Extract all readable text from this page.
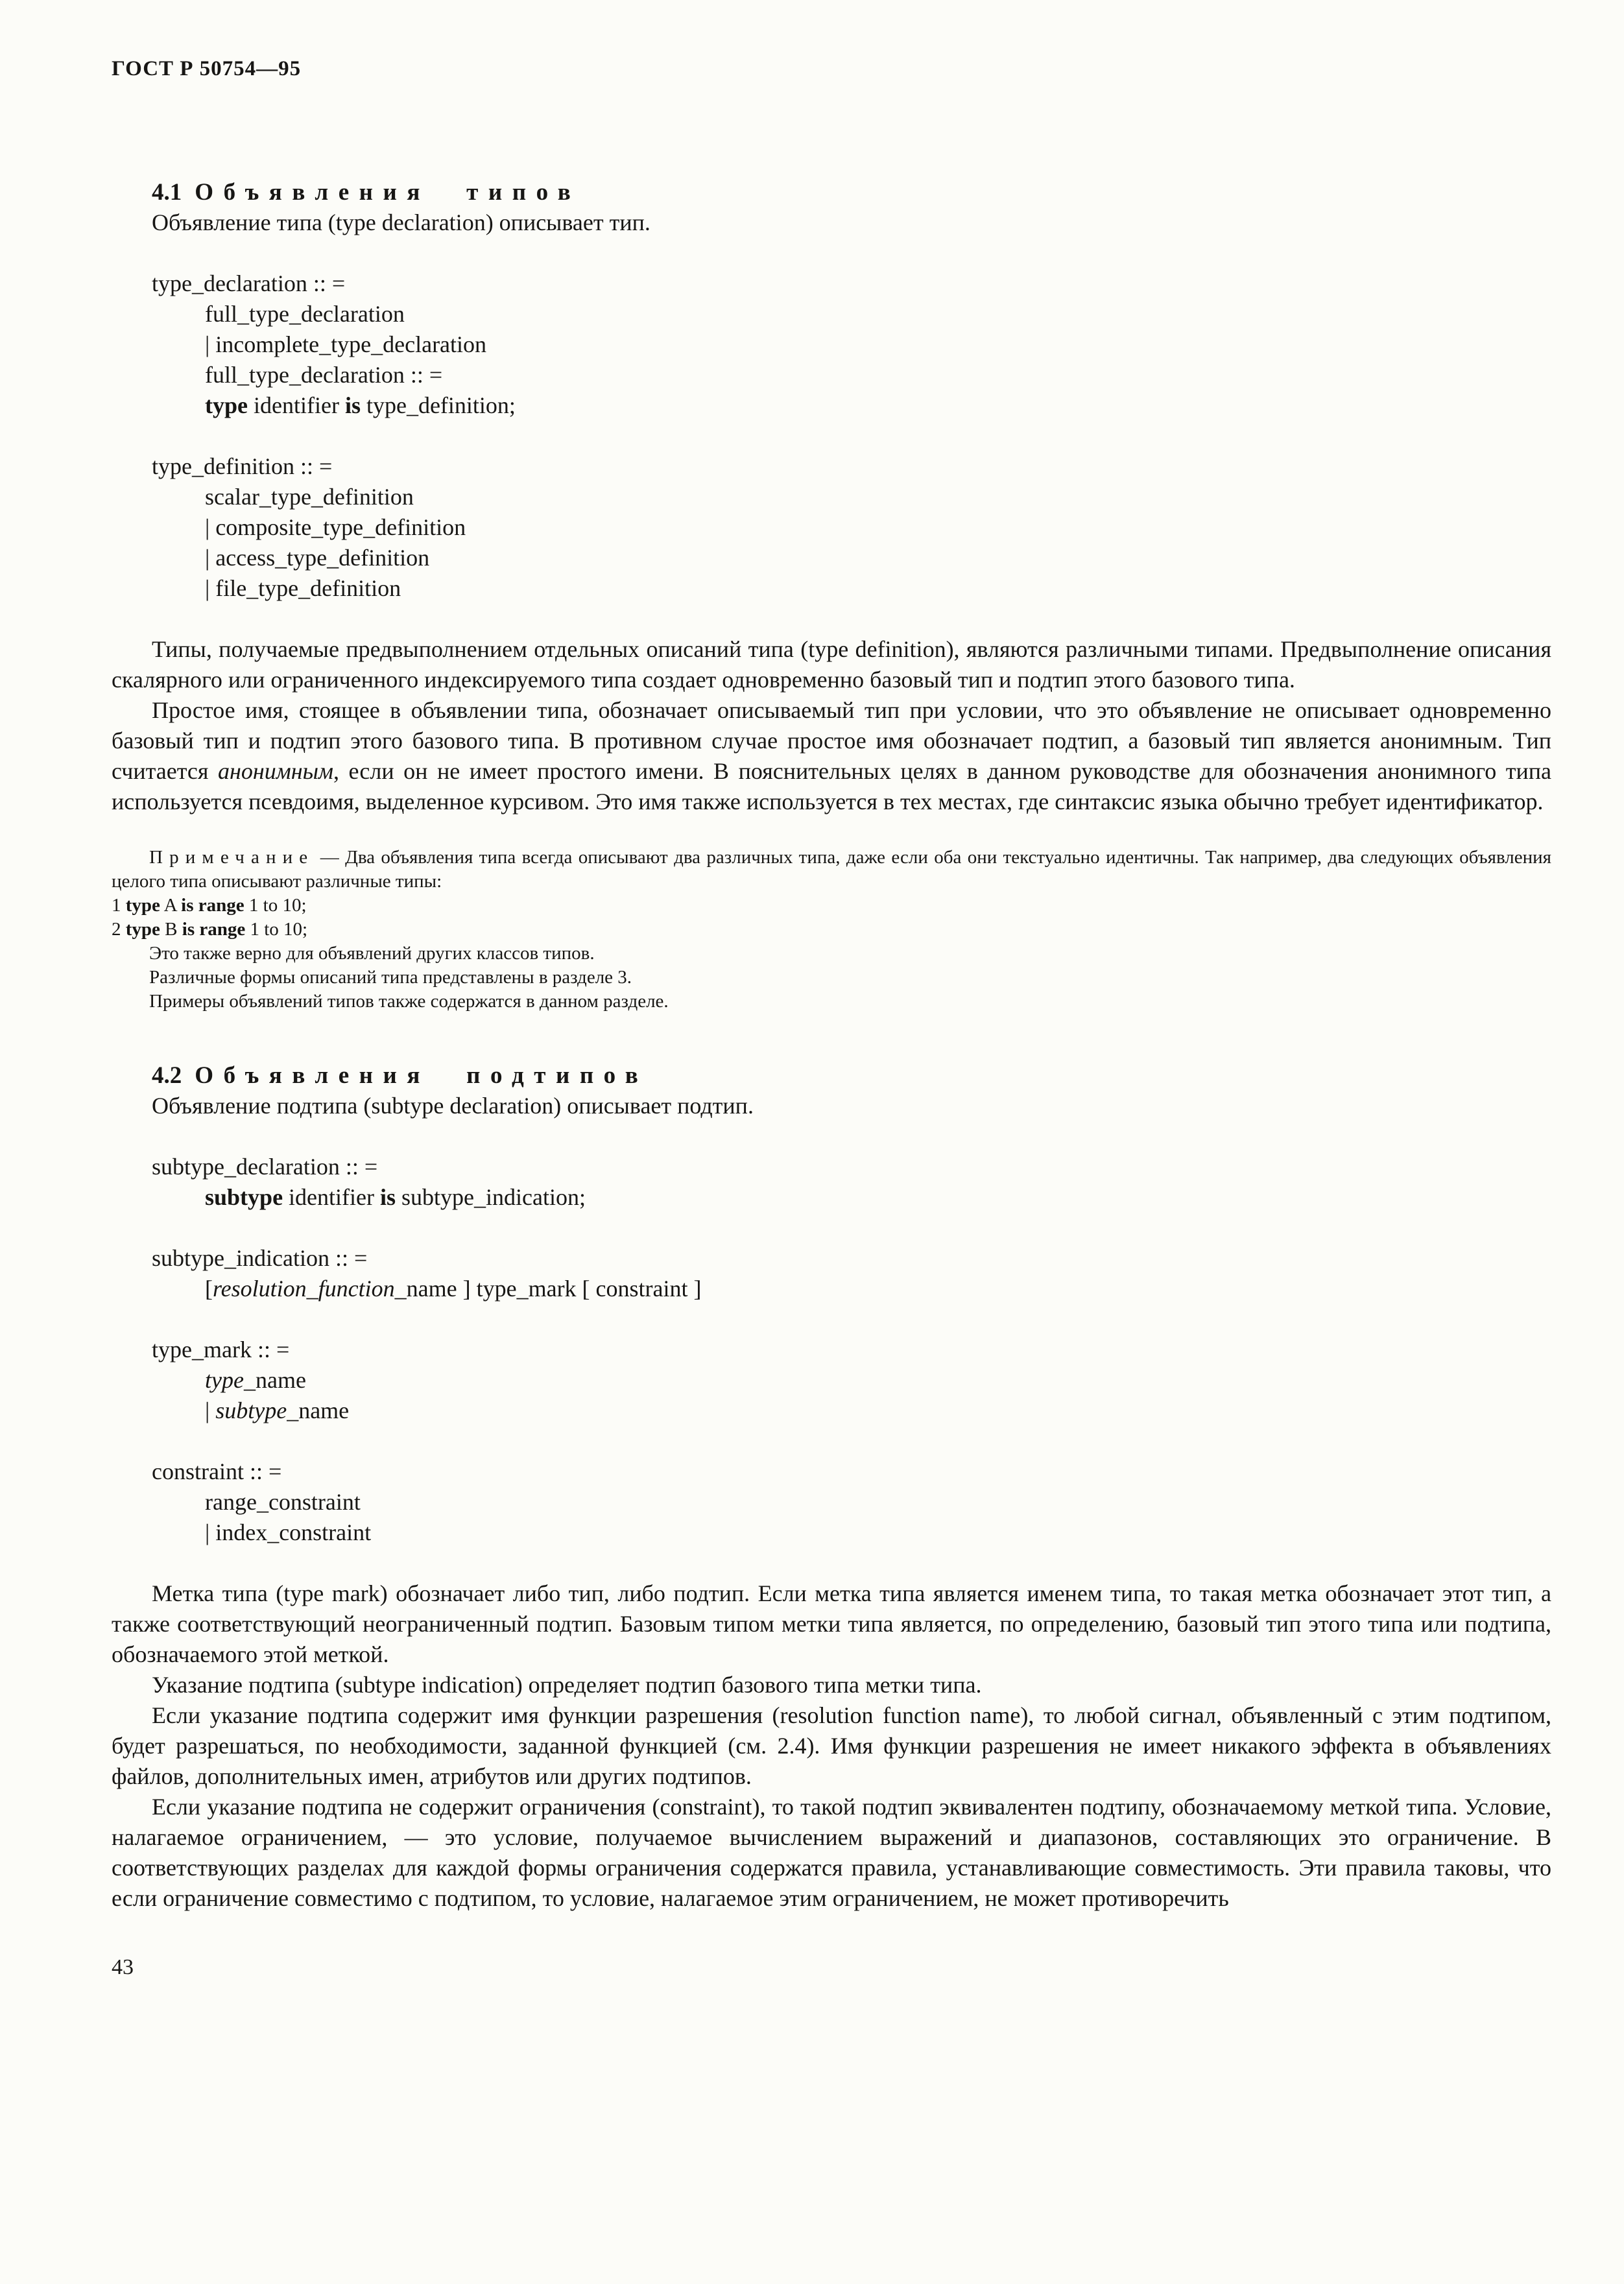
ГОСТ Р 50754—95
4.1 Объявления типов

Объявление типа (type declaration) описывает тип.

type_declaration :: =
full_type_declaration
| incomplete_type_declaration
full_type_declaration :: =
type identifier is type_definition;
type_definition :: =
scalar_type_definition
| composite_type_definition
| access_type_definition
| file_type_definition
Типы, получаемые предвыполнением отдельных описаний типа (type definition), являются различными типами. Предвыполнение описания скалярного или ограниченного индексируемого типа создает одновременно базовый тип и подтип этого базового типа.
Простое имя, стоящее в объявлении типа, обозначает описываемый тип при условии, что это объявление не описывает одновременно базовый тип и подтип этого базового типа. В противном случае простое имя обозначает подтип, а базовый тип является анонимным. Тип считается анонимным, если он не имеет простого имени. В пояснительных целях в данном руководстве для обозначения анонимного типа используется псевдоимя, выделенное курсивом. Это имя также используется в тех местах, где синтаксис языка обычно требует идентификатор.
Примечание — Два объявления типа всегда описывают два различных типа, даже если оба они текстуально идентичны. Так например, два следующих объявления целого типа описывают различные типы:
1 type A is range 1 to 10;
2 type B is range 1 to 10;
Это также верно для объявлений других классов типов.
Различные формы описаний типа представлены в разделе 3.
Примеры объявлений типов также содержатся в данном разделе.
4.2 Объявления подтипов

Объявление подтипа (subtype declaration) описывает подтип.

subtype_declaration :: =
subtype identifier is subtype_indication;
subtype_indication :: =
[resolution_function_name ] type_mark [ constraint ]
type_mark :: =
type_name
| subtype_name
constraint :: =
range_constraint
| index_constraint
Метка типа (type mark) обозначает либо тип, либо подтип. Если метка типа является именем типа, то такая метка обозначает этот тип, а также соответствующий неограниченный подтип. Базовым типом метки типа является, по определению, базовый тип этого типа или подтипа, обозначаемого этой меткой.
Указание подтипа (subtype indication) определяет подтип базового типа метки типа.
Если указание подтипа содержит имя функции разрешения (resolution function name), то любой сигнал, объявленный с этим подтипом, будет разрешаться, по необходимости, заданной функцией (см. 2.4). Имя функции разрешения не имеет никакого эффекта в объявлениях файлов, дополнительных имен, атрибутов или других подтипов.
Если указание подтипа не содержит ограничения (constraint), то такой подтип эквивалентен подтипу, обозначаемому меткой типа. Условие, налагаемое ограничением, — это условие, получаемое вычислением выражений и диапазонов, составляющих это ограничение. В соответствующих разделах для каждой формы ограничения содержатся правила, устанавливающие совместимость. Эти правила таковы, что если ограничение совместимо с подтипом, то условие, налагаемое этим ограничением, не может противоречить
43
